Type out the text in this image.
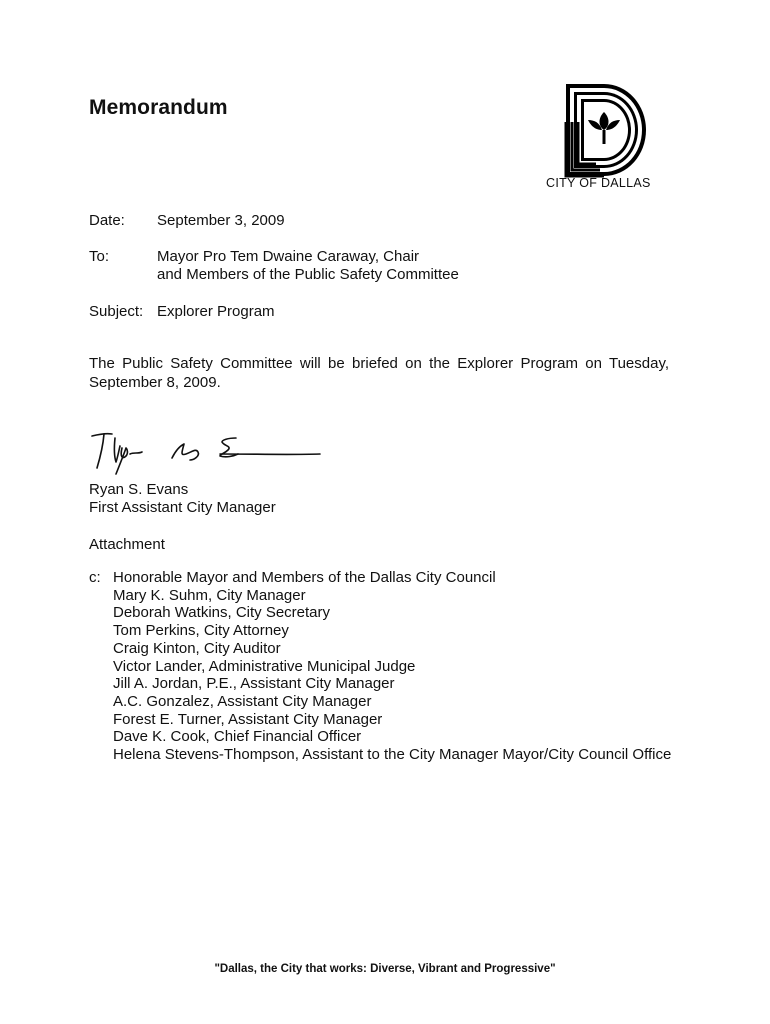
Memorandum
CITY OF DALLAS
Date: September 3, 2009
To:	Mayor Pro Tem Dwaine Caraway, Chair
and Members of the Public Safety Committee
Subject: Explorer Program
The Public Safety Committee will be briefed on the Explorer Program on Tuesday, September 8, 2009.
Ryan S. Evans
First Assistant City Manager
Attachment
c: Honorable Mayor and Members of the Dallas City Council
Mary K. Suhm, City Manager
Deborah Watkins, City Secretary
Tom Perkins, City Attorney
Craig Kinton, City Auditor
Victor Lander, Administrative Municipal Judge
Jill A. Jordan, P.E., Assistant City Manager
A.C. Gonzalez, Assistant City Manager
Forest E. Turner, Assistant City Manager
Dave K. Cook, Chief Financial Officer
Helena Stevens-Thompson, Assistant to the City Manager Mayor/City Council Office
"Dallas, the City that works: Diverse, Vibrant and Progressive"
